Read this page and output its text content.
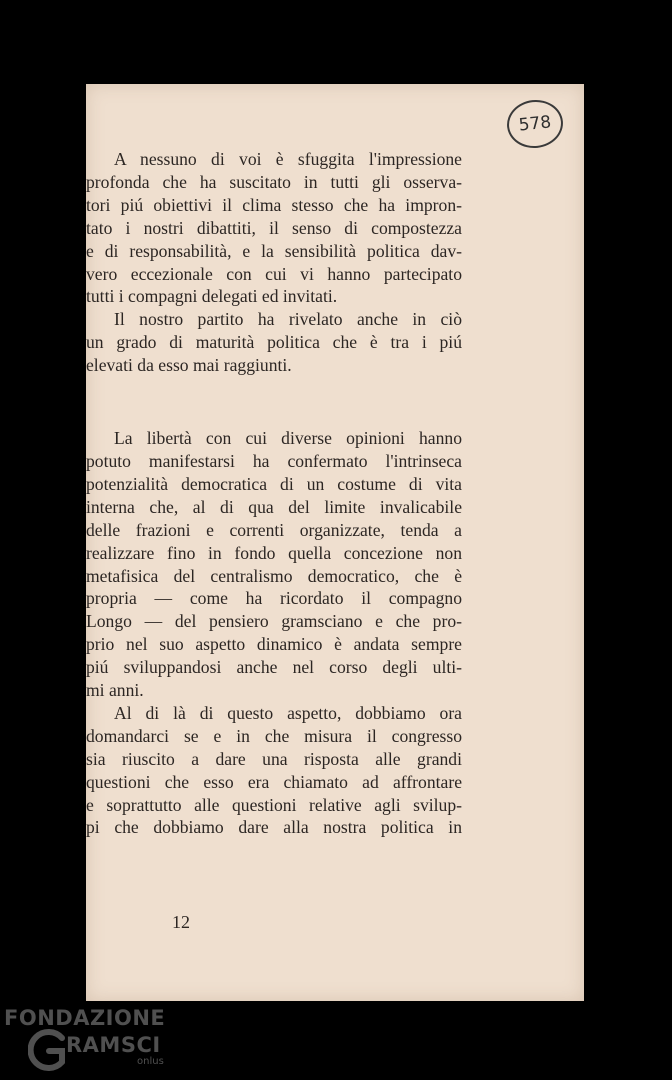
578
A nessuno di voi è sfuggita l'impressione
profonda che ha suscitato in tutti gli osserva-
tori piú obiettivi il clima stesso che ha impron-
tato i nostri dibattiti, il senso di compostezza
e di responsabilità, e la sensibilità politica dav-
vero eccezionale con cui vi hanno partecipato
tutti i compagni delegati ed invitati.
Il nostro partito ha rivelato anche in ciò
un grado di maturità politica che è tra i piú
elevati da esso mai raggiunti.
La libertà con cui diverse opinioni hanno
potuto manifestarsi ha confermato l'intrinseca
potenzialità democratica di un costume di vita
interna che, al di qua del limite invalicabile
delle frazioni e correnti organizzate, tenda a
realizzare fino in fondo quella concezione non
metafisica del centralismo democratico, che è
propria — come ha ricordato il compagno
Longo — del pensiero gramsciano e che pro-
prio nel suo aspetto dinamico è andata sempre
piú sviluppandosi anche nel corso degli ulti-
mi anni.
Al di là di questo aspetto, dobbiamo ora
domandarci se e in che misura il congresso
sia riuscito a dare una risposta alle grandi
questioni che esso era chiamato ad affrontare
e soprattutto alle questioni relative agli svilup-
pi che dobbiamo dare alla nostra politica in
12
FONDAZIONE
RAMSCI
onlus
